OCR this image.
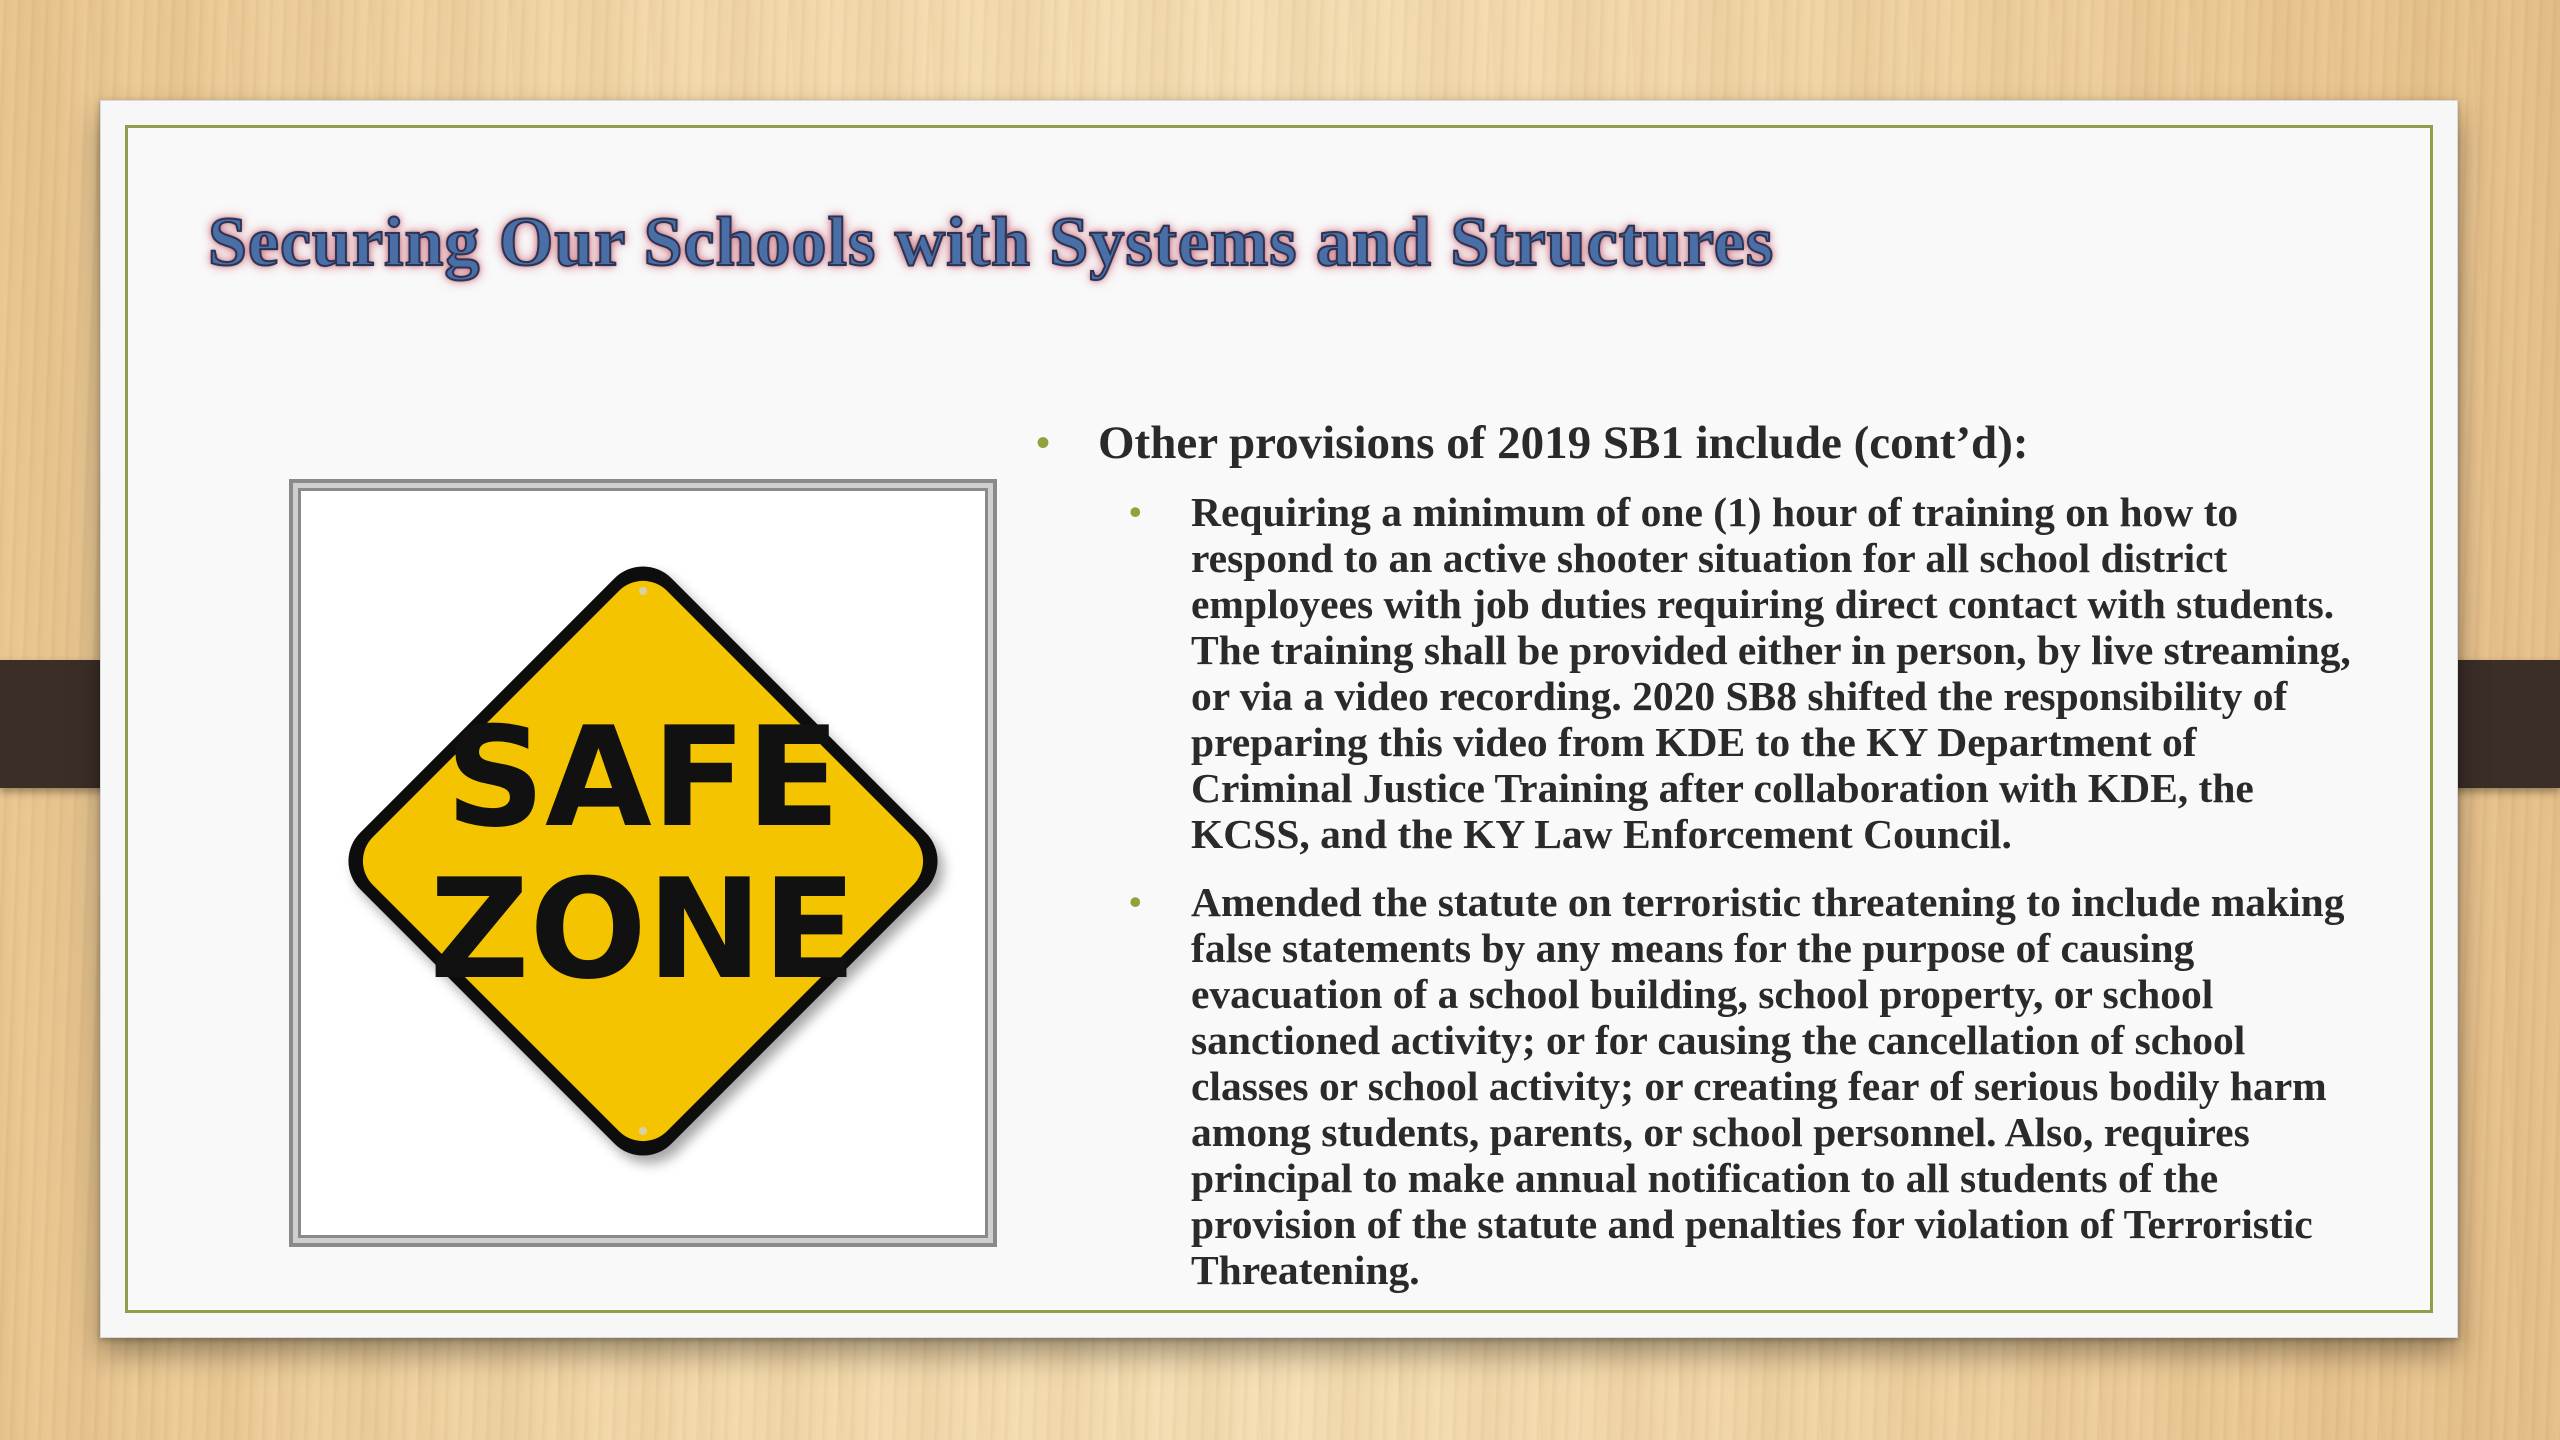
Securing Our Schools with Systems and Structures
SAFE
ZONE
• Other provisions of 2019 SB1 include (cont’d):
• Requiring a minimum of one (1) hour of training on how to respond to an active shooter situation for all school district employees with job duties requiring direct contact with students. The training shall be provided either in person, by live streaming, or via a video recording. 2020 SB8 shifted the responsibility of preparing this video from KDE to the KY Department of Criminal Justice Training after collaboration with KDE, the KCSS, and the KY Law Enforcement Council.
• Amended the statute on terroristic threatening to include making false statements by any means for the purpose of causing evacuation of a school building, school property, or school sanctioned activity; or for causing the cancellation of school classes or school activity; or creating fear of serious bodily harm among students, parents, or school personnel. Also, requires principal to make annual notification to all students of the provision of the statute and penalties for violation of Terroristic Threatening.
